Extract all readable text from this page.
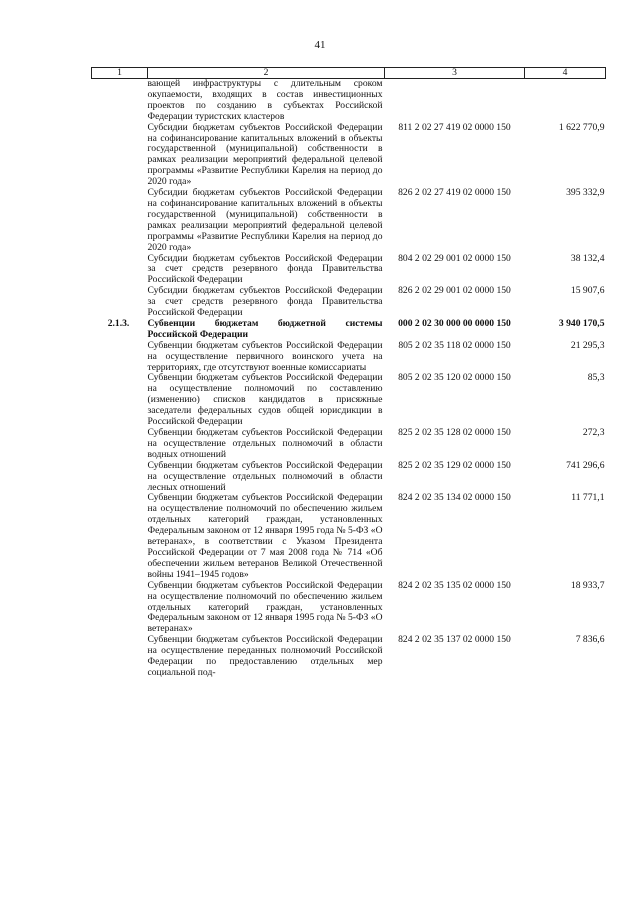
41
1	2	3	4
	вающей инфраструктуры с длительным сроком окупаемости, входящих в состав инвестиционных проектов по созданию в субъектах Российской Федерации туристских кластеров		
	Субсидии бюджетам субъектов Российской Федерации на софинансирование капитальных вложений в объекты государственной (муниципальной) собственности в рамках реализации мероприятий федеральной целевой программы «Развитие Республики Карелия на период до 2020 года»	811 2 02 27 419 02 0000 150	1 622 770,9
	Субсидии бюджетам субъектов Российской Федерации на софинансирование капитальных вложений в объекты государственной (муниципальной) собственности в рамках реализации мероприятий федеральной целевой программы «Развитие Республики Карелия на период до 2020 года»	826 2 02 27 419 02 0000 150	395 332,9
	Субсидии бюджетам субъектов Российской Федерации за счет средств резервного фонда Правительства Российской Федерации	804 2 02 29 001 02 0000 150	38 132,4
	Субсидии бюджетам субъектов Российской Федерации за счет средств резервного фонда Правительства Российской Федерации	826 2 02 29 001 02 0000 150	15 907,6
2.1.3.	Субвенции бюджетам бюджетной системы Российской Федерации	000 2 02 30 000 00 0000 150	3 940 170,5
	Субвенции бюджетам субъектов Российской Федерации на осуществление первичного воинского учета на территориях, где отсутствуют военные комиссариаты	805 2 02 35 118 02 0000 150	21 295,3
	Субвенции бюджетам субъектов Российской Федерации на осуществление полномочий по составлению (изменению) списков кандидатов в присяжные заседатели федеральных судов общей юрисдикции в Российской Федерации	805 2 02 35 120 02 0000 150	85,3
	Субвенции бюджетам субъектов Российской Федерации на осуществление отдельных полномочий в области водных отношений	825 2 02 35 128 02 0000 150	272,3
	Субвенции бюджетам субъектов Российской Федерации на осуществление отдельных полномочий в области лесных отношений	825 2 02 35 129 02 0000 150	741 296,6
	Субвенции бюджетам субъектов Российской Федерации на осуществление полномочий по обеспечению жильем отдельных категорий граждан, установленных Федеральным законом от 12 января 1995 года № 5-ФЗ «О ветеранах», в соответствии с Указом Президента Российской Федерации от 7 мая 2008 года № 714 «Об обеспечении жильем ветеранов Великой Отечественной войны 1941–1945 годов»	824 2 02 35 134 02 0000 150	11 771,1
	Субвенции бюджетам субъектов Российской Федерации на осуществление полномочий по обеспечению жильем отдельных категорий граждан, установленных Федеральным законом от 12 января 1995 года № 5-ФЗ «О ветеранах»	824 2 02 35 135 02 0000 150	18 933,7
	Субвенции бюджетам субъектов Российской Федерации на осуществление переданных полномочий Российской Федерации по предоставлению отдельных мер социальной под-	824 2 02 35 137 02 0000 150	7 836,6
